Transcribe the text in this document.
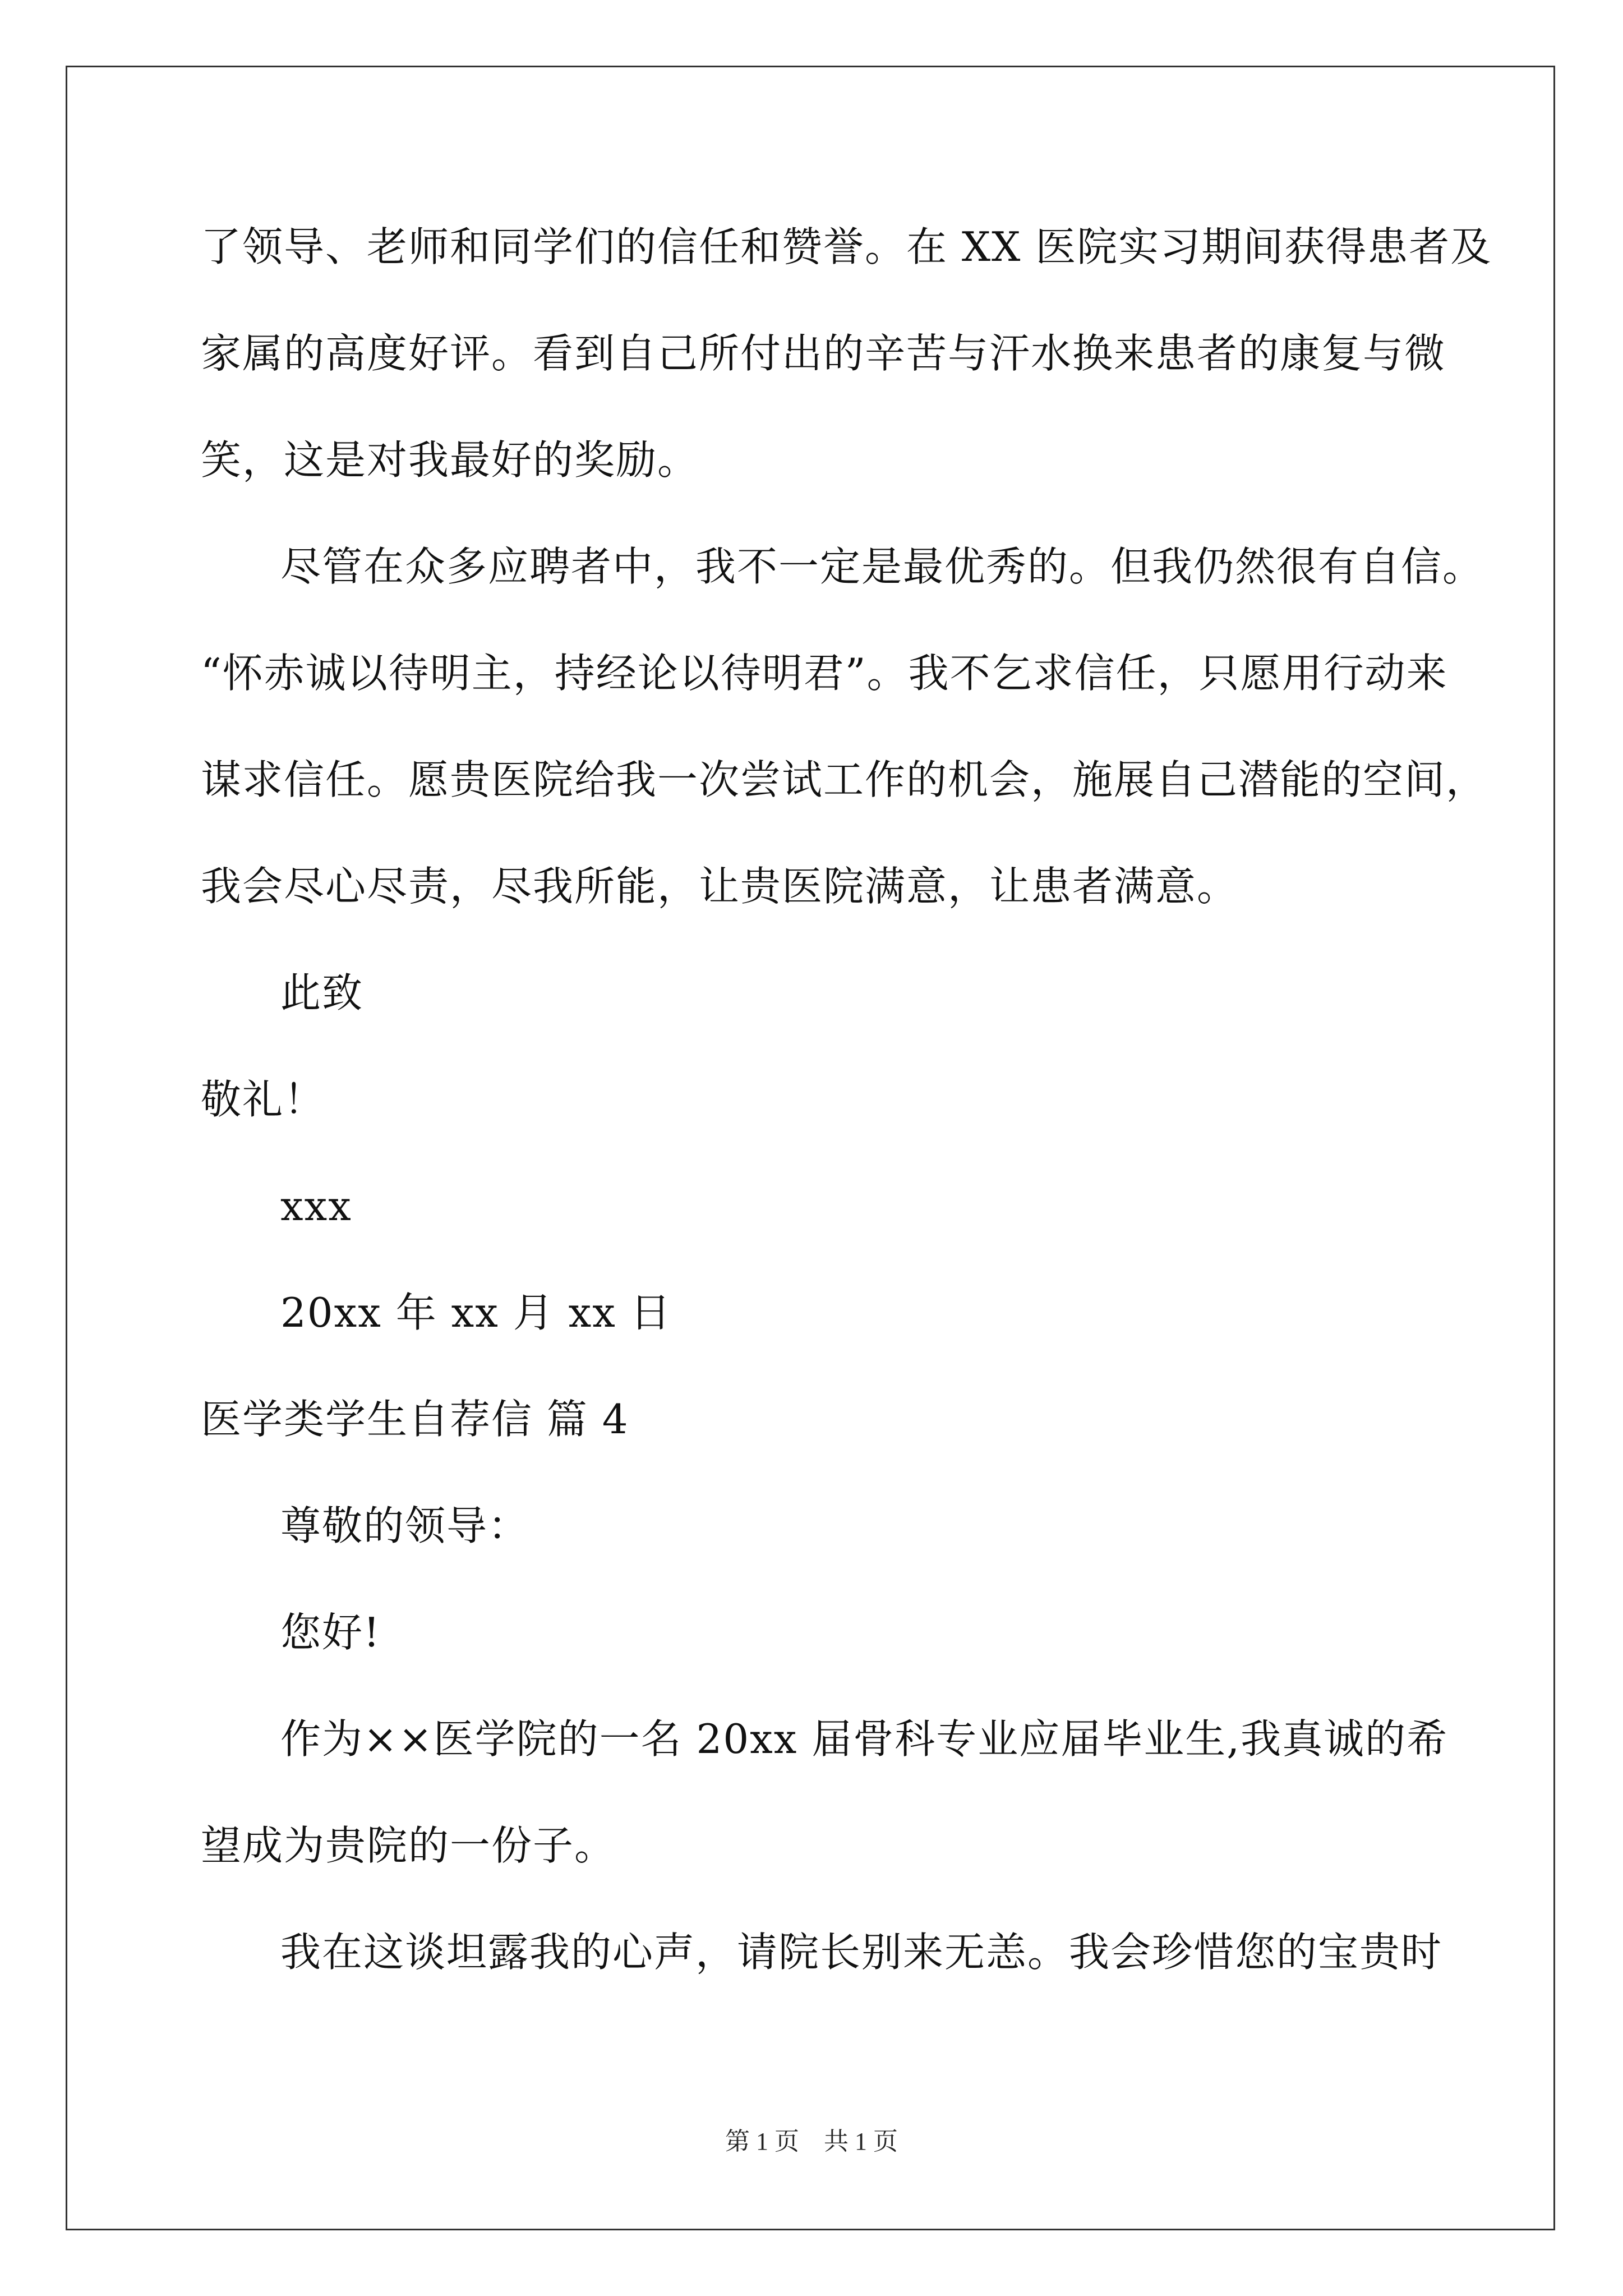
了领导、老师和同学们的信任和赞誉。在 XX 医院实习期间获得患者及
家属的高度好评。看到自己所付出的辛苦与汗水换来患者的康复与微
笑，这是对我最好的奖励。
尽管在众多应聘者中，我不一定是最优秀的。但我仍然很有自信。
“怀赤诚以待明主，持经论以待明君”。我不乞求信任，只愿用行动来
谋求信任。愿贵医院给我一次尝试工作的机会，施展自己潜能的空间，
我会尽心尽责，尽我所能，让贵医院满意，让患者满意。
此致
敬礼！
xxx
20xx 年 xx 月 xx 日
医学类学生自荐信 篇 4
尊敬的领导：
您好!
作为××医学院的一名 20xx 届骨科专业应届毕业生,我真诚的希
望成为贵院的一份子。
我在这谈坦露我的心声，请院长别来无恙。我会珍惜您的宝贵时
第 1 页　共 1 页
